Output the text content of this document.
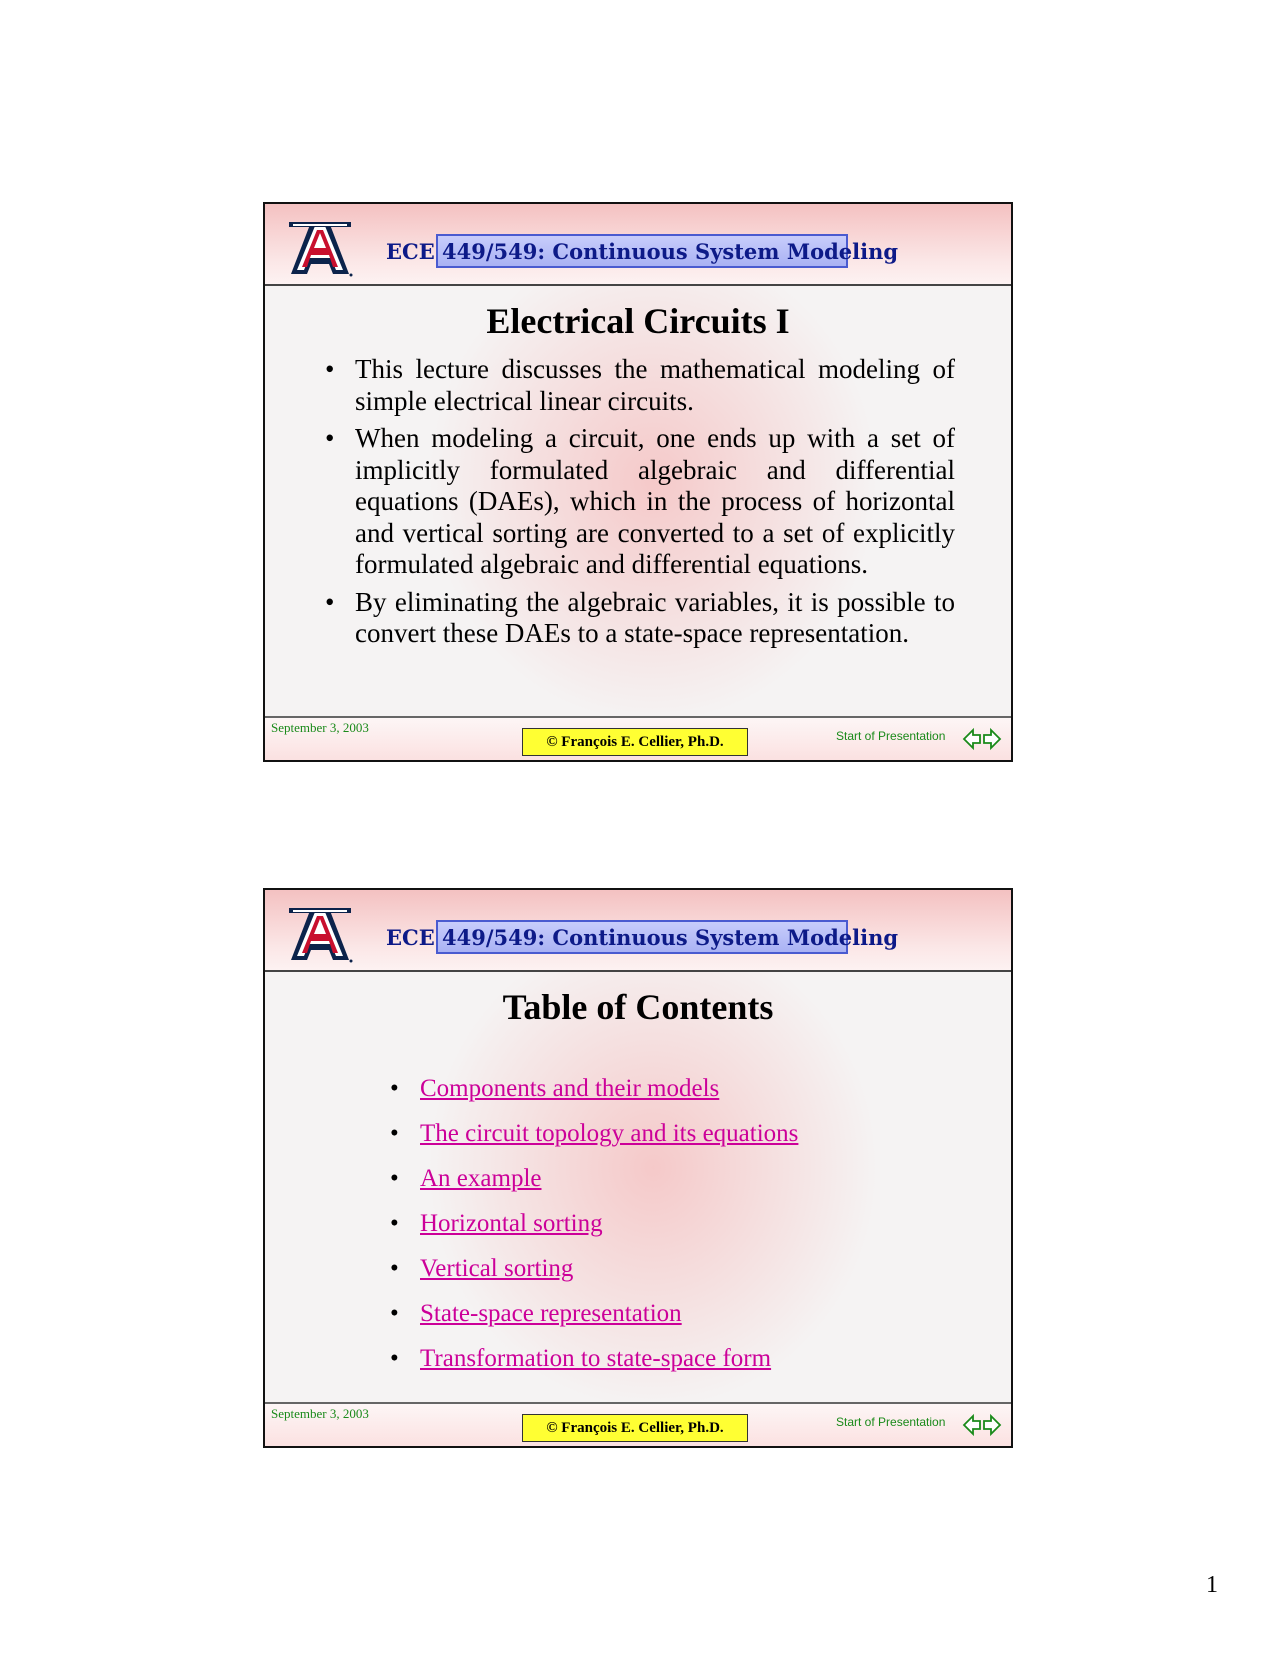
ECE 449/549: Continuous System Modeling
Electrical Circuits I
• This lecture discusses the mathematical modeling of simple electrical linear circuits.
• When modeling a circuit, one ends up with a set of implicitly formulated algebraic and differential equations (DAEs), which in the process of horizontal and vertical sorting are converted to a set of explicitly formulated algebraic and differential equations.
• By eliminating the algebraic variables, it is possible to convert these DAEs to a state-space representation.
September 3, 2003
© François E. Cellier, Ph.D.	Start of Presentation
ECE 449/549: Continuous System Modeling
Table of Contents
• Components and their models
• The circuit topology and its equations
• An example
• Horizontal sorting
• Vertical sorting
• State-space representation
• Transformation to state-space form
September 3, 2003
© François E. Cellier, Ph.D.	Start of Presentation
1
